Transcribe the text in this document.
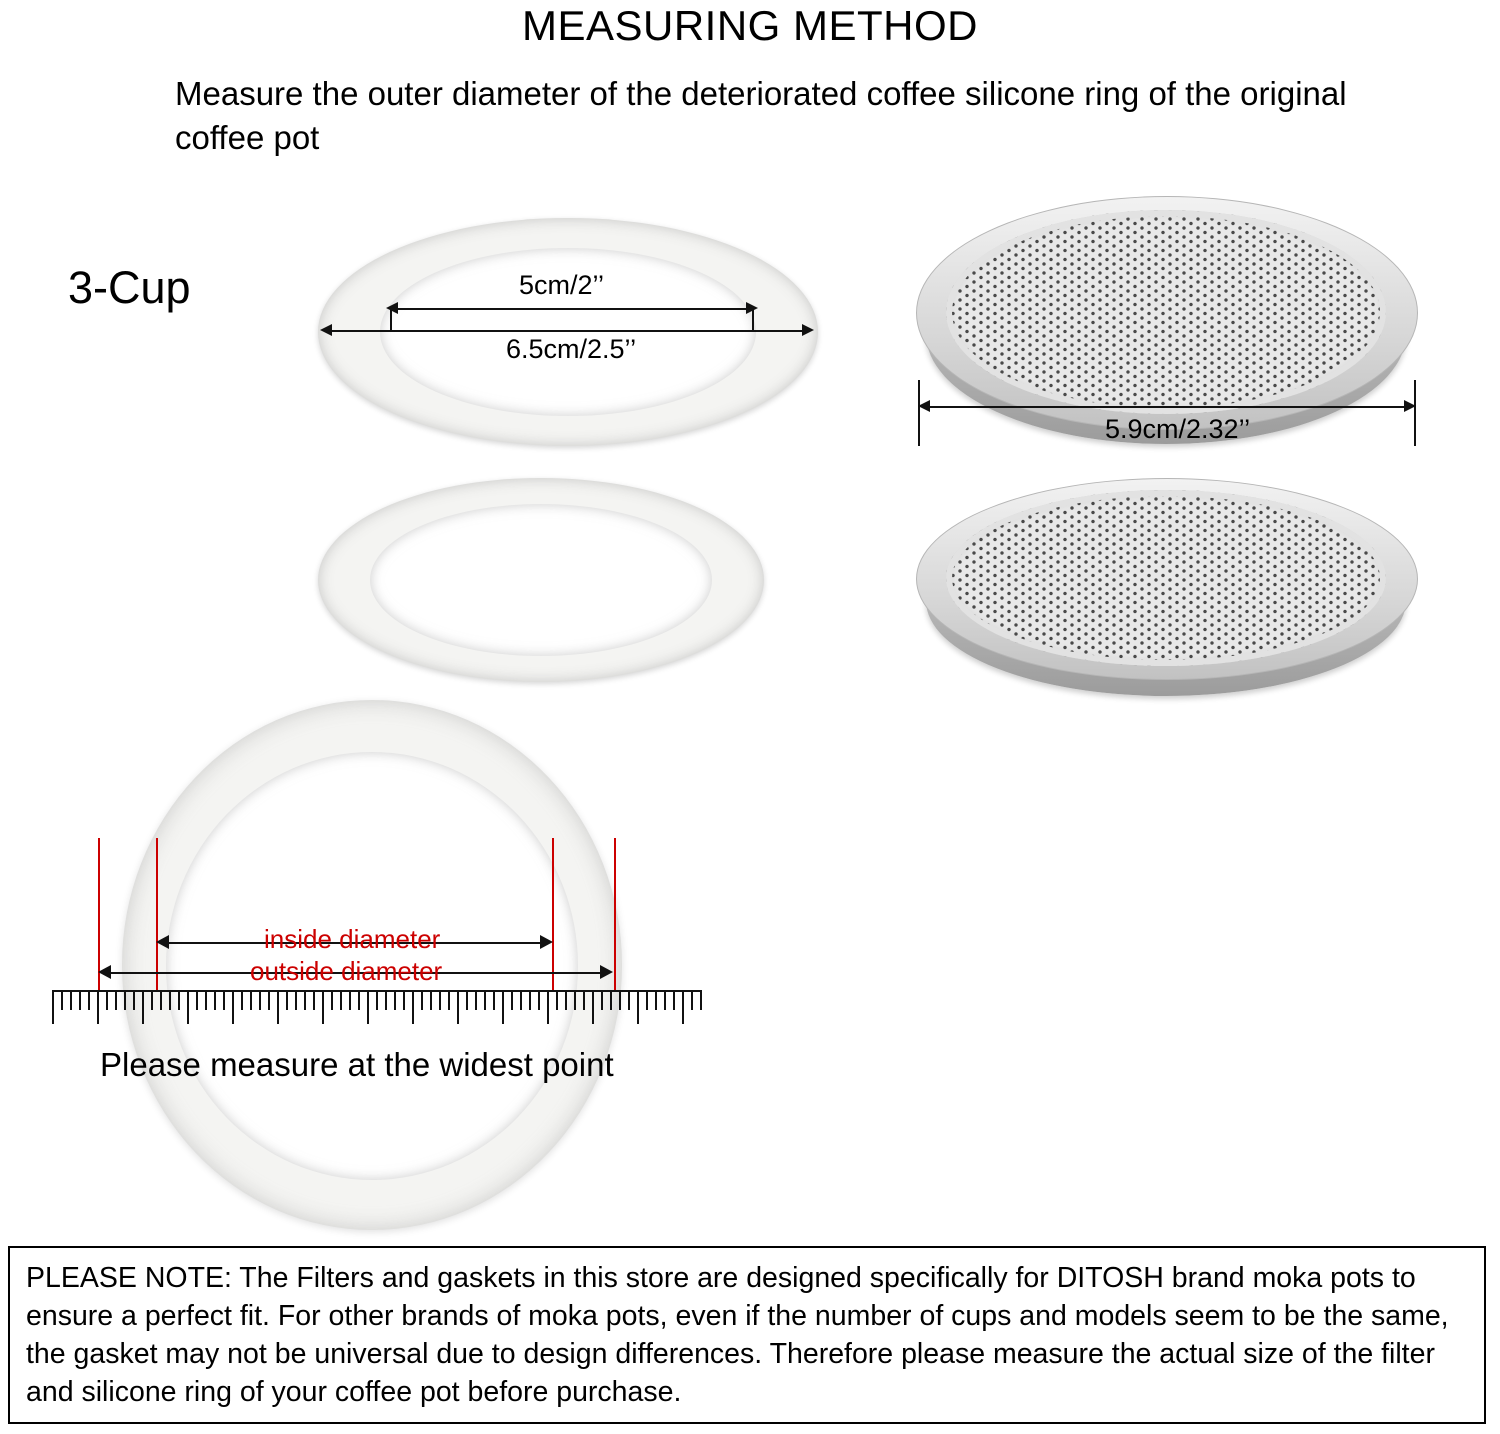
MEASURING METHOD
Measure the outer diameter of the deteriorated coffee silicone ring of the original coffee pot
3-Cup	5cm/2’’
6.5cm/2.5’’
5.9cm/2.32’’
inside diameter
outside diameter
Please measure at the widest point
PLEASE NOTE: The Filters and gaskets in this store are designed specifically for DITOSH brand moka pots to ensure a perfect fit. For other brands of moka pots, even if the number of cups and models seem to be the same, the gasket may not be universal due to design differences. Therefore please measure the actual size of the filter and silicone ring of your coffee pot before purchase.
